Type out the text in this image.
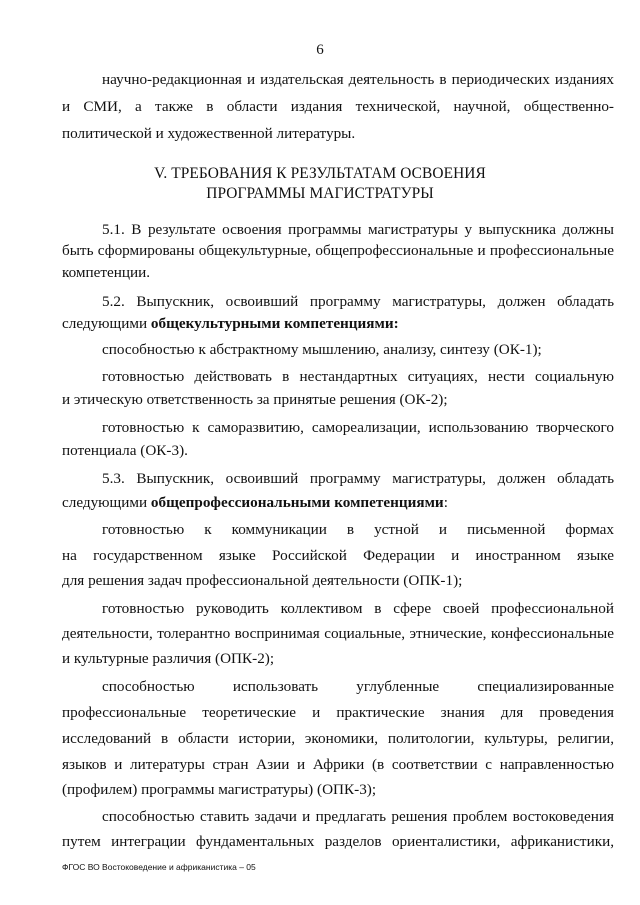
6
научно-редакционная и издательская деятельность в периодических изданиях
и СМИ, а также в области издания технической, научной, общественно-
политической и художественной литературы.
V. ТРЕБОВАНИЯ К РЕЗУЛЬТАТАМ ОСВОЕНИЯ
ПРОГРАММЫ МАГИСТРАТУРЫ
5.1. В результате освоения программы магистратуры у выпускника должны
быть сформированы общекультурные, общепрофессиональные и профессиональные
компетенции.
5.2. Выпускник, освоивший программу магистратуры, должен обладать
следующими общекультурными компетенциями:
способностью к абстрактному мышлению, анализу, синтезу (ОК-1);
готовностью действовать в нестандартных ситуациях, нести социальную
и этическую ответственность за принятые решения (ОК-2);
готовностью к саморазвитию, самореализации, использованию творческого
потенциала (ОК-3).
5.3. Выпускник, освоивший программу магистратуры, должен обладать
следующими общепрофессиональными компетенциями:
готовностью к коммуникации в устной и письменной формах
на государственном языке Российской Федерации и иностранном языке
для решения задач профессиональной деятельности (ОПК-1);
готовностью руководить коллективом в сфере своей профессиональной
деятельности, толерантно воспринимая социальные, этнические, конфессиональные
и культурные различия (ОПК-2);
способностью использовать углубленные специализированные
профессиональные теоретические и практические знания для проведения
исследований в области истории, экономики, политологии, культуры, религии,
языков и литературы стран Азии и Африки (в соответствии с направленностью
(профилем) программы магистратуры) (ОПК-3);
способностью ставить задачи и предлагать решения проблем востоковедения
путем интеграции фундаментальных разделов ориенталистики, африканистики,
ФГОС ВО Востоковедение и африканистика – 05
